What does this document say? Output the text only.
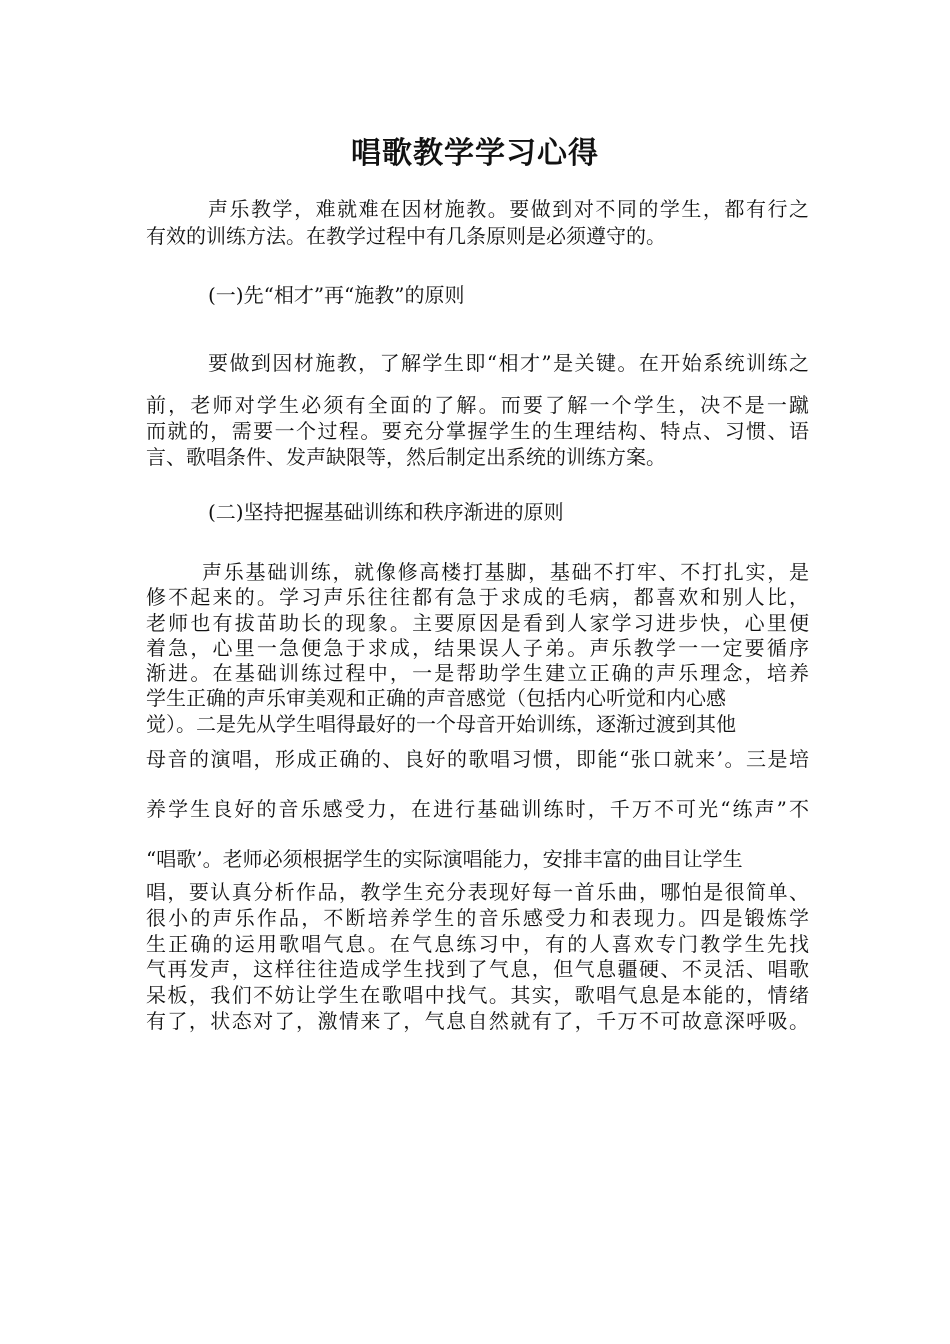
唱歌教学学习心得
声乐教学，难就难在因材施教。要做到对不同的学生，都有行之
有效的训练方法。在教学过程中有几条原则是必须遵守的。
(一)先“相才”再“施教”的原则
要做到因材施教，了解学生即“相才”是关键。在开始系统训练之
前，老师对学生必须有全面的了解。而要了解一个学生，决不是一蹴
而就的，需要一个过程。要充分掌握学生的生理结构、特点、习惯、语
言、歌唱条件、发声缺限等，然后制定出系统的训练方案。
(二)坚持把握基础训练和秩序渐进的原则
声乐基础训练，就像修高楼打基脚，基础不打牢、不打扎实，是
修不起来的。学习声乐往往都有急于求成的毛病，都喜欢和别人比，
老师也有拔苗助长的现象。主要原因是看到人家学习进步快，心里便
着急，心里一急便急于求成，结果误人子弟。声乐教学一一定要循序
渐进。在基础训练过程中，一是帮助学生建立正确的声乐理念，培养
学生正确的声乐审美观和正确的声音感觉（包括内心听觉和内心感
觉）。二是先从学生唱得最好的一个母音开始训练，逐渐过渡到其他
母音的演唱，形成正确的、良好的歌唱习惯，即能“张口就来’。三是培
养学生良好的音乐感受力，在进行基础训练时，千万不可光“练声”不
“唱歌’。老师必须根据学生的实际演唱能力，安排丰富的曲目让学生
唱，要认真分析作品，教学生充分表现好每一首乐曲，哪怕是很简单、
很小的声乐作品，不断培养学生的音乐感受力和表现力。四是锻炼学
生正确的运用歌唱气息。在气息练习中，有的人喜欢专门教学生先找
气再发声，这样往往造成学生找到了气息，但气息疆硬、不灵活、唱歌
呆板，我们不妨让学生在歌唱中找气。其实，歌唱气息是本能的，情绪
有了，状态对了，激情来了，气息自然就有了，千万不可故意深呼吸。
